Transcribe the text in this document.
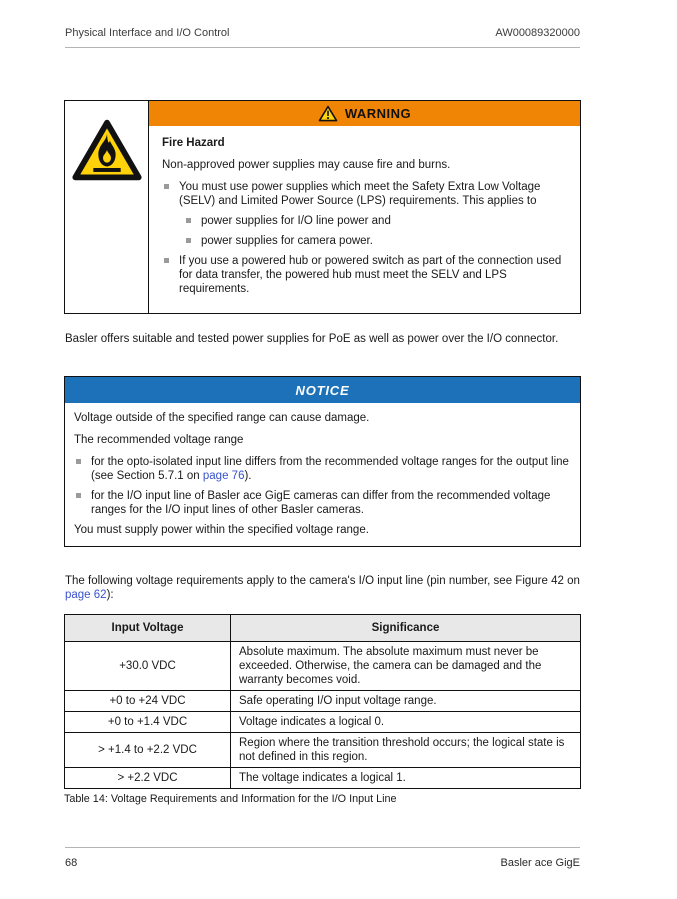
Physical Interface and I/O Control	AW00089320000
WARNING
Fire Hazard
Non-approved power supplies may cause fire and burns.
You must use power supplies which meet the Safety Extra Low Voltage (SELV) and Limited Power Source (LPS) requirements. This applies to
power supplies for I/O line power and
power supplies for camera power.
If you use a powered hub or powered switch as part of the connection used for data transfer, the powered hub must meet the SELV and LPS requirements.

Basler offers suitable and tested power supplies for PoE as well as power over the I/O connector.

NOTICE

Voltage outside of the specified range can cause damage.

The recommended voltage range

for the opto-isolated input line differs from the recommended voltage ranges for the output line (see Section 5.7.1 on page 76).
for the I/O input line of Basler ace GigE cameras can differ from the recommended voltage ranges for the I/O input lines of other Basler cameras.

You must supply power within the specified voltage range.

The following voltage requirements apply to the camera's I/O input line (pin number, see Figure 42 on page 62):

Input Voltage	Significance
+30.0 VDC	Absolute maximum. The absolute maximum must never be exceeded. Otherwise, the camera can be damaged and the warranty becomes void.
+0 to +24 VDC	Safe operating I/O input voltage range.
+0 to +1.4 VDC	Voltage indicates a logical 0.
> +1.4 to +2.2 VDC	Region where the transition threshold occurs; the logical state is not defined in this region.
> +2.2 VDC	The voltage indicates a logical 1.
Table 14: Voltage Requirements and Information for the I/O Input Line
68	Basler ace GigE
